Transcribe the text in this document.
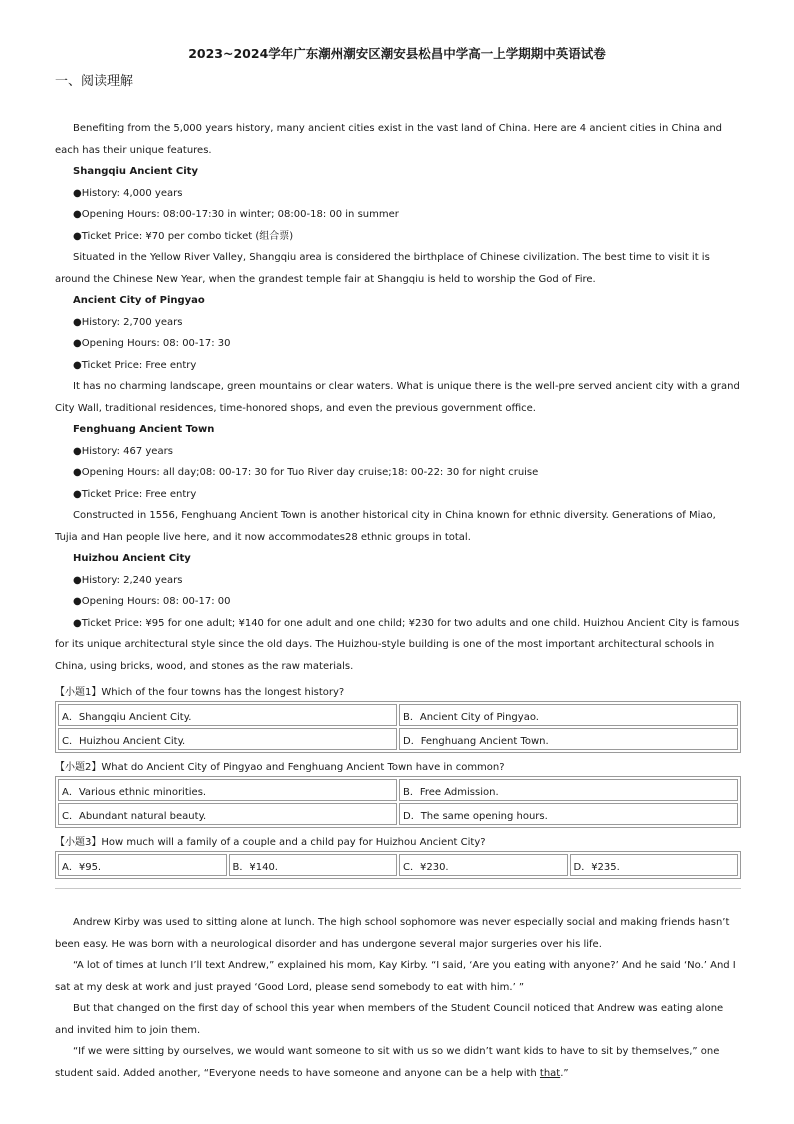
2023~2024学年广东潮州潮安区潮安县松昌中学高一上学期期中英语试卷
一、阅读理解

Benefiting from the 5,000 years history, many ancient cities exist in the vast land of China. Here are 4 ancient cities in China and each has their unique features.

Shangqiu Ancient City

●History: 4,000 years

●Opening Hours: 08:00-17:30 in winter; 08:00-18: 00 in summer

●Ticket Price: ¥70 per combo ticket (组合票)

Situated in the Yellow River Valley, Shangqiu area is considered the birthplace of Chinese civilization. The best time to visit it is around the Chinese New Year, when the grandest temple fair at Shangqiu is held to worship the God of Fire.

Ancient City of Pingyao

●History: 2,700 years

●Opening Hours: 08: 00-17: 30

●Ticket Price: Free entry

It has no charming landscape, green mountains or clear waters. What is unique there is the well-pre served ancient city with a grand City Wall, traditional residences, time-honored shops, and even the previous government office.

Fenghuang Ancient Town

●History: 467 years

●Opening Hours: all day;08: 00-17: 30 for Tuo River day cruise;18: 00-22: 30 for night cruise

●Ticket Price: Free entry

Constructed in 1556, Fenghuang Ancient Town is another historical city in China known for ethnic diversity. Generations of Miao, Tujia and Han people live here, and it now accommodates28 ethnic groups in total.

Huizhou Ancient City

●History: 2,240 years

●Opening Hours: 08: 00-17: 00

●Ticket Price: ¥95 for one adult; ¥140 for one adult and one child; ¥230 for two adults and one child. Huizhou Ancient City is famous for its unique architectural style since the old days. The Huizhou-style building is one of the most important architectural schools in China, using bricks, wood, and stones as the raw materials.

【小题1】Which of the four towns has the longest history?
A．Shangqiu Ancient City.	B．Ancient City of Pingyao.
C．Huizhou Ancient City.	D．Fenghuang Ancient Town.
【小题2】What do Ancient City of Pingyao and Fenghuang Ancient Town have in common?
A．Various ethnic minorities.	B．Free Admission.
C．Abundant natural beauty.	D．The same opening hours.
【小题3】How much will a family of a couple and a child pay for Huizhou Ancient City?
A．¥95.	B．¥140.	C．¥230.	D．¥235.

Andrew Kirby was used to sitting alone at lunch. The high school sophomore was never especially social and making friends hasn’t been easy. He was born with a neurological disorder and has undergone several major surgeries over his life.

“A lot of times at lunch I’ll text Andrew,” explained his mom, Kay Kirby. “I said, ‘Are you eating with anyone?’ And he said ‘No.’ And I sat at my desk at work and just prayed ‘Good Lord, please send somebody to eat with him.’ ”

But that changed on the first day of school this year when members of the Student Council noticed that Andrew was eating alone and invited him to join them.

“If we were sitting by ourselves, we would want someone to sit with us so we didn’t want kids to have to sit by themselves,” one student said. Added another, “Everyone needs to have someone and anyone can be a help with that.”
